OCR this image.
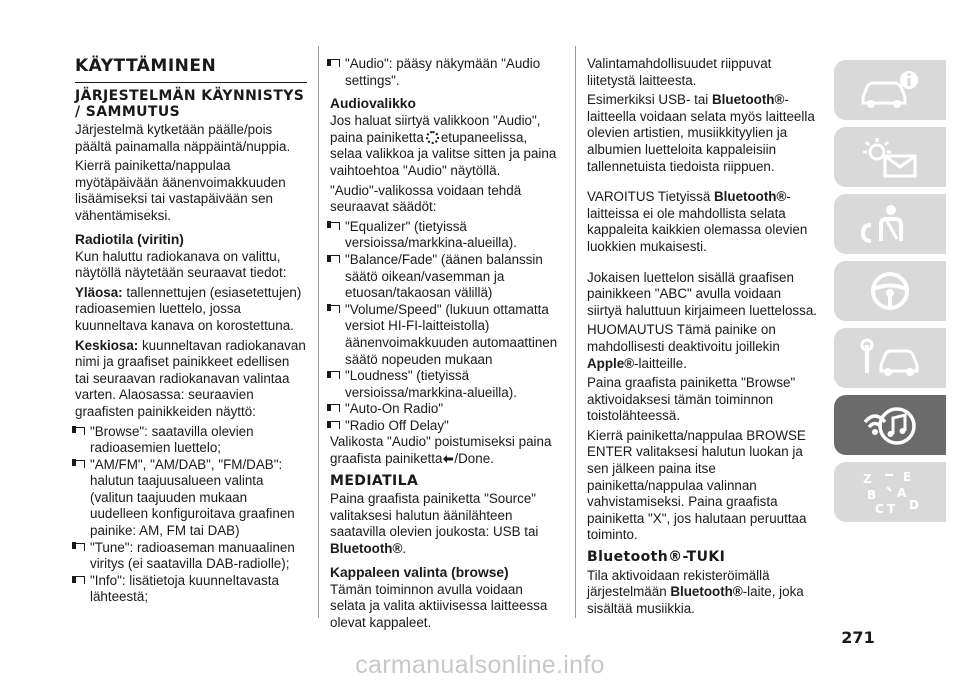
KÄYTTÄMINEN
JÄRJESTELMÄN KÄYNNISTYS / SAMMUTUS

Järjestelmä kytketään päälle/pois päältä painamalla näppäintä/nuppia.

Kierrä painiketta/nappulaa myötäpäivään äänenvoimakkuuden lisäämiseksi tai vastapäivään sen vähentämiseksi.

Radiotila (viritin)

Kun haluttu radiokanava on valittu, näytöllä näytetään seuraavat tiedot:

Yläosa: tallennettujen (esiasetettujen) radioasemien luettelo, jossa kuunneltava kanava on korostettuna.

Keskiosa: kuunneltavan radiokanavan nimi ja graafiset painikkeet edellisen tai seuraavan radiokanavan valintaa varten. Alaosassa: seuraavien graafisten painikkeiden näyttö:

"Browse": saatavilla olevien radioasemien luettelo;
"AM/FM", "AM/DAB", "FM/DAB": halutun taajuusalueen valinta (valitun taajuuden mukaan uudelleen konfiguroitava graafinen painike: AM, FM tai DAB)
"Tune": radioaseman manuaalinen viritys (ei saatavilla DAB-radiolle);
"Info": lisätietoja kuunneltavasta lähteestä;
"Audio": pääsy näkymään "Audio settings".
Audiovalikko

Jos haluat siirtyä valikkoon "Audio", paina painiketta etupaneelissa, selaa valikkoa ja valitse sitten ja paina vaihtoehtoa "Audio" näytöllä.

"Audio"-valikossa voidaan tehdä seuraavat säädöt:

"Equalizer" (tietyissä versioissa/markkina-alueilla).
"Balance/Fade" (äänen balanssin säätö oikean/vasemman ja etuosan/takaosan välillä)
"Volume/Speed" (lukuun ottamatta versiot HI-FI-laitteistolla) äänenvoimakkuuden automaattinen säätö nopeuden mukaan
"Loudness" (tietyissä versioissa/markkina-alueilla).
"Auto-On Radio"
"Radio Off Delay"

Valikosta "Audio" poistumiseksi paina graafista painiketta /Done.

MEDIATILA

Paina graafista painiketta "Source" valitaksesi halutun äänilähteen saatavilla olevien joukosta: USB tai Bluetooth®.

Kappaleen valinta (browse)

Tämän toiminnon avulla voidaan selata ja valita aktiivisessa laitteessa olevat kappaleet.

Valintamahdollisuudet riippuvat liitetystä laitteesta.

Esimerkiksi USB- tai Bluetooth®-laitteella voidaan selata myös laitteella olevien artistien, musiikkityylien ja albumien luetteloita kappaleisiin tallennetuista tiedoista riippuen.

VAROITUS Tietyissä Bluetooth®-laitteissa ei ole mahdollista selata kappaleita kaikkien olemassa olevien luokkien mukaisesti.

Jokaisen luettelon sisällä graafisen painikkeen "ABC" avulla voidaan siirtyä haluttuun kirjaimeen luettelossa.

HUOMAUTUS Tämä painike on mahdollisesti deaktivoitu joillekin Apple®-laitteille.

Paina graafista painiketta "Browse" aktivoidaksesi tämän toiminnon toistolähteessä.

Kierrä painiketta/nappulaa BROWSE ENTER valitaksesi halutun luokan ja sen jälkeen paina itse painiketta/nappulaa valinnan vahvistamiseksi. Paina graafista painiketta "X", jos halutaan peruuttaa toiminto.

Bluetooth®-TUKI

Tila aktivoidaan rekisteröimällä järjestelmään Bluetooth®-laite, joka sisältää musiikkia.

Z	E
B A
C T D
271
carmanualsonline.info
